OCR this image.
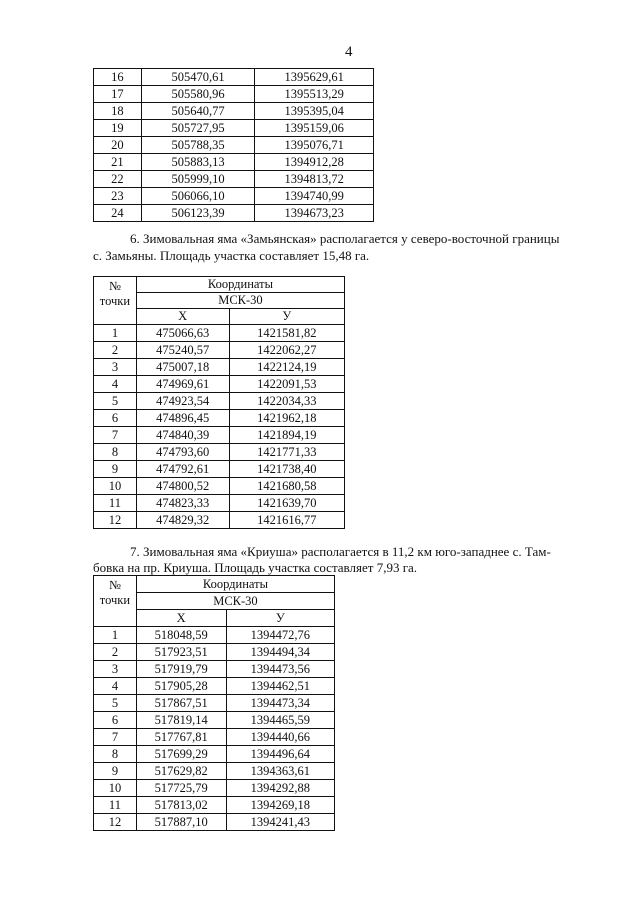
4
16	505470,61	1395629,61
17	505580,96	1395513,29
18	505640,77	1395395,04
19	505727,95	1395159,06
20	505788,35	1395076,71
21	505883,13	1394912,28
22	505999,10	1394813,72
23	506066,10	1394740,99
24	506123,39	1394673,23

6. Зимовальная яма «Замьянская» располагается у северо-восточной границы

с. Замьяны. Площадь участка составляет 15,48 га.

№
точки	Координаты	
	МСК-30	
	Х	У
1	475066,63	1421581,82
2	475240,57	1422062,27
3	475007,18	1422124,19
4	474969,61	1422091,53
5	474923,54	1422034,33
6	474896,45	1421962,18
7	474840,39	1421894,19
8	474793,60	1421771,33
9	474792,61	1421738,40
10	474800,52	1421680,58
11	474823,33	1421639,70
12	474829,32	1421616,77

7. Зимовальная яма «Криуша» располагается в 11,2 км юго-западнее с. Там-

бовка на пр. Криуша. Площадь участка составляет 7,93 га.

№
точки	Координаты	
	МСК-30	
	Х	У
1	518048,59	1394472,76
2	517923,51	1394494,34
3	517919,79	1394473,56
4	517905,28	1394462,51
5	517867,51	1394473,34
6	517819,14	1394465,59
7	517767,81	1394440,66
8	517699,29	1394496,64
9	517629,82	1394363,61
10	517725,79	1394292,88
11	517813,02	1394269,18
12	517887,10	1394241,43
